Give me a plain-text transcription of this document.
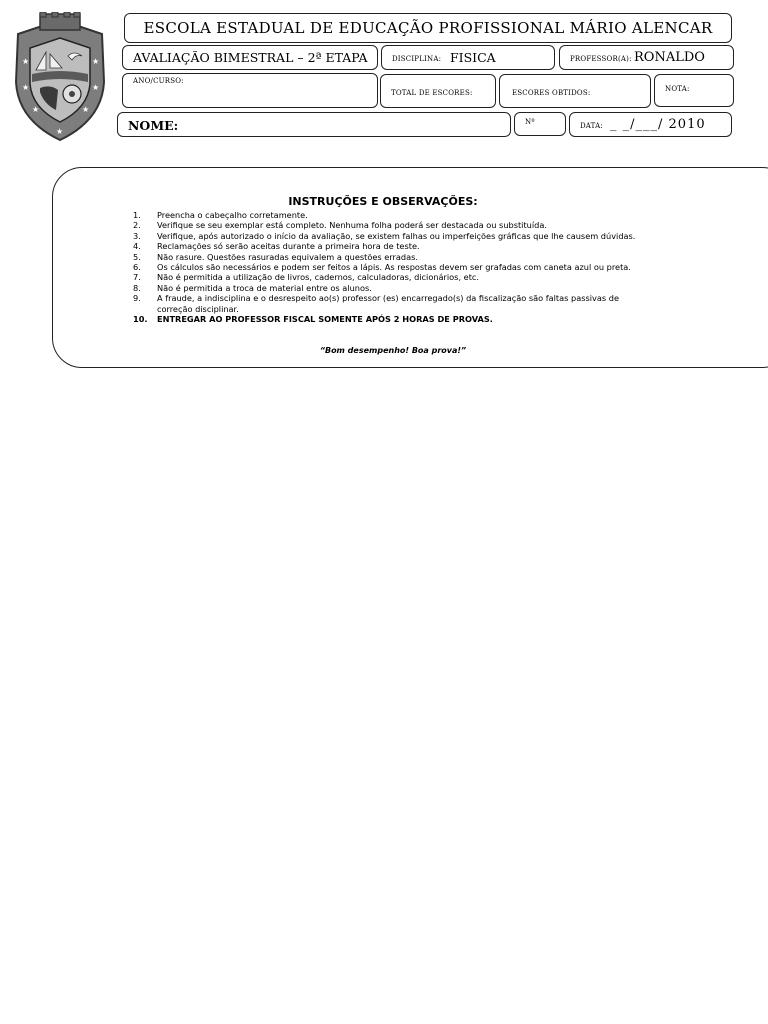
★	★
★	★
★	★
★
ESCOLA ESTADUAL DE EDUCAÇÃO PROFISSIONAL MÁRIO ALENCAR
AVALIAÇÃO BIMESTRAL – 2ª ETAPA	DISCIPLINA: FISICA	PROFESSOR(A): RONALDO
ANO/CURSO:
TOTAL DE ESCORES:	ESCORES OBTIDOS:	NOTA:
NOME:	Nº	DATA: _ _/___/ 2010
INSTRUÇÕES E OBSERVAÇÕES:
1. Preencha o cabeçalho corretamente.
2. Verifique se seu exemplar está completo. Nenhuma folha poderá ser destacada ou substituída.
3. Verifique, após autorizado o início da avaliação, se existem falhas ou imperfeições gráficas que lhe causem dúvidas.
4. Reclamações só serão aceitas durante a primeira hora de teste.
5. Não rasure. Questões rasuradas equivalem a questões erradas.
6. Os cálculos são necessários e podem ser feitos a lápis. As respostas devem ser grafadas com caneta azul ou preta.
7. Não é permitida a utilização de livros, cadernos, calculadoras, dicionários, etc.
8. Não é permitida a troca de material entre os alunos.
9. A fraude, a indisciplina e o desrespeito ao(s) professor (es) encarregado(s) da fiscalização são faltas passivas de correção disciplinar.
10. ENTREGAR AO PROFESSOR FISCAL SOMENTE APÓS 2 HORAS DE PROVAS.
“Bom desempenho! Boa prova!”
